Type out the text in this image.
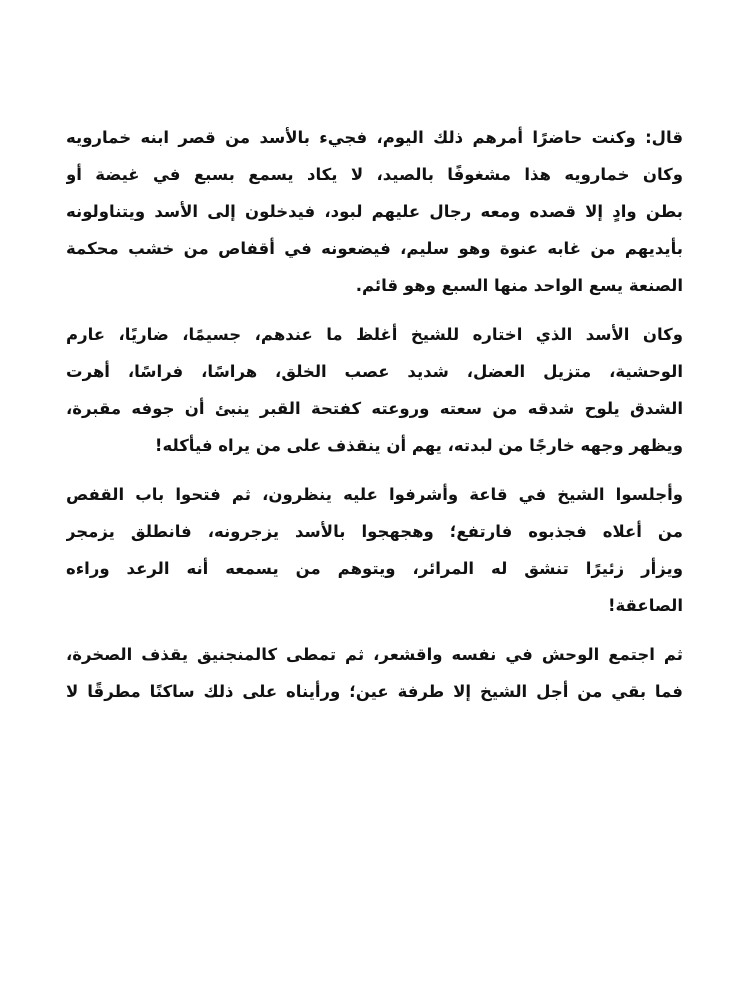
قال: وكنت حاضرًا أمرهم ذلك اليوم، فجيء بالأسد من قصر ابنه خمارويه
وكان خمارويه هذا مشغوفًا بالصيد، لا يكاد يسمع بسبع في غيضة أو
بطن وادٍ إلا قصده ومعه رجال عليهم لبود، فيدخلون إلى الأسد ويتناولونه
بأيديهم من غابه عنوة وهو سليم، فيضعونه في أقفاص من خشب محكمة
الصنعة يسع الواحد منها السبع وهو قائم.
وكان الأسد الذي اختاره للشيخ أغلظ ما عندهم، جسيمًا، ضاريًا، عارم
الوحشية، متزيل العضل، شديد عصب الخلق، هراسًا، فراسًا، أهرت
الشدق يلوح شدقه من سعته وروعته كفتحة القبر ينبئ أن جوفه مقبرة،
ويظهر وجهه خارجًا من لبدته، يهم أن ينقذف على من يراه فيأكله!
وأجلسوا الشيخ في قاعة وأشرفوا عليه ينظرون، ثم فتحوا باب القفص
من أعلاه فجذبوه فارتفع؛ وهجهجوا بالأسد يزجرونه، فانطلق يزمجر
ويزأر زئيرًا تنشق له المرائر، ويتوهم من يسمعه أنه الرعد وراءه
الصاعقة!
ثم اجتمع الوحش في نفسه واقشعر، ثم تمطى كالمنجنيق يقذف الصخرة،
فما بقي من أجل الشيخ إلا طرفة عين؛ ورأيناه على ذلك ساكنًا مطرقًا لا
